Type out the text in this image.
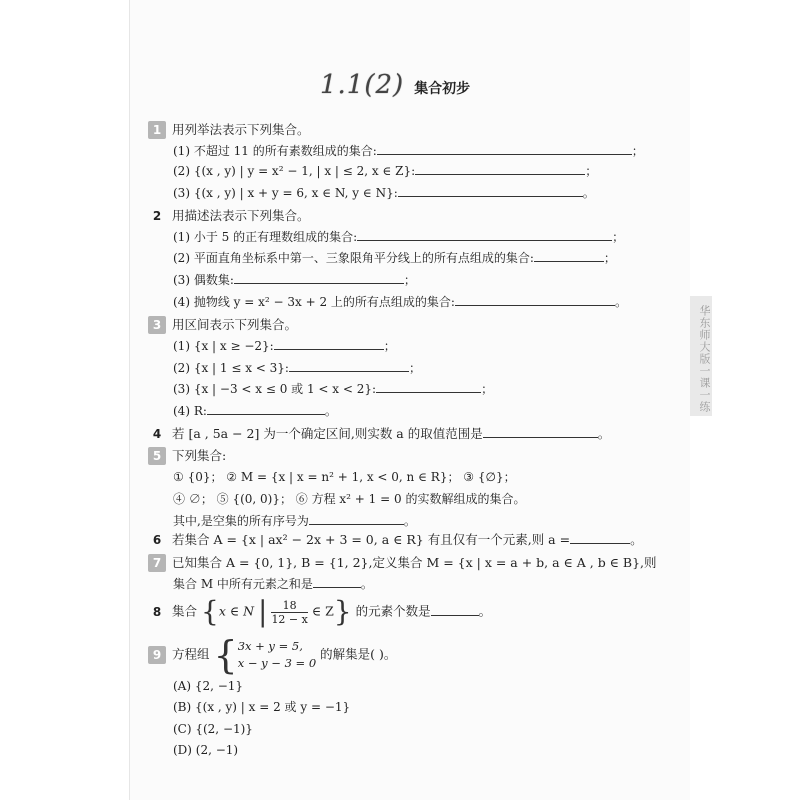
华东师大版一课一练
1.1(2) 集合初步
1 用列举法表示下列集合。
(1) 不超过 11 的所有素数组成的集合:	；
(2) {(x , y) | y = x² − 1, | x | ≤ 2, x ∈ Z}:	；
(3) {(x , y) | x + y = 6, x ∈ N, y ∈ N}:	。
2 用描述法表示下列集合。
(1) 小于 5 的正有理数组成的集合:	；
(2) 平面直角坐标系中第一、三象限角平分线上的所有点组成的集合:	；
(3) 偶数集:	；
(4) 抛物线 y = x² − 3x + 2 上的所有点组成的集合:	。
3 用区间表示下列集合。
(1) {x | x ≥ −2}:	；
(2) {x | 1 ≤ x < 3}:	；
(3) {x | −3 < x ≤ 0 或 1 < x < 2}:	；
(4) R:	。
4 若 [a , 5a − 2] 为一个确定区间,则实数 a 的取值范围是	。
5 下列集合:
① {0}； ② M = {x | x = n² + 1, x < 0, n ∈ R}； ③ {∅}；
④ ∅； ⑤ {(0, 0)}； ⑥ 方程 x² + 1 = 0 的实数解组成的集合。
其中,是空集的所有序号为	。
6 若集合 A = {x | ax² − 2x + 3 = 0, a ∈ R} 有且仅有一个元素,则 a =	。
7 已知集合 A = {0, 1}, B = {1, 2},定义集合 M = {x | x = a + b, a ∈ A , b ∈ B},则
集合 M 中所有元素之和是	。
8 集合 {x ∈ N | $\frac{18}{12 - x}$ ∈ Z} 的元素个数是	。
9 方程组 { 3x + y = 5,
x − y − 3 = 0
的解集是( )。
(A) {2, −1}
(B) {(x , y) | x = 2 或 y = −1}
(C) {(2, −1)}
(D) (2, −1)
